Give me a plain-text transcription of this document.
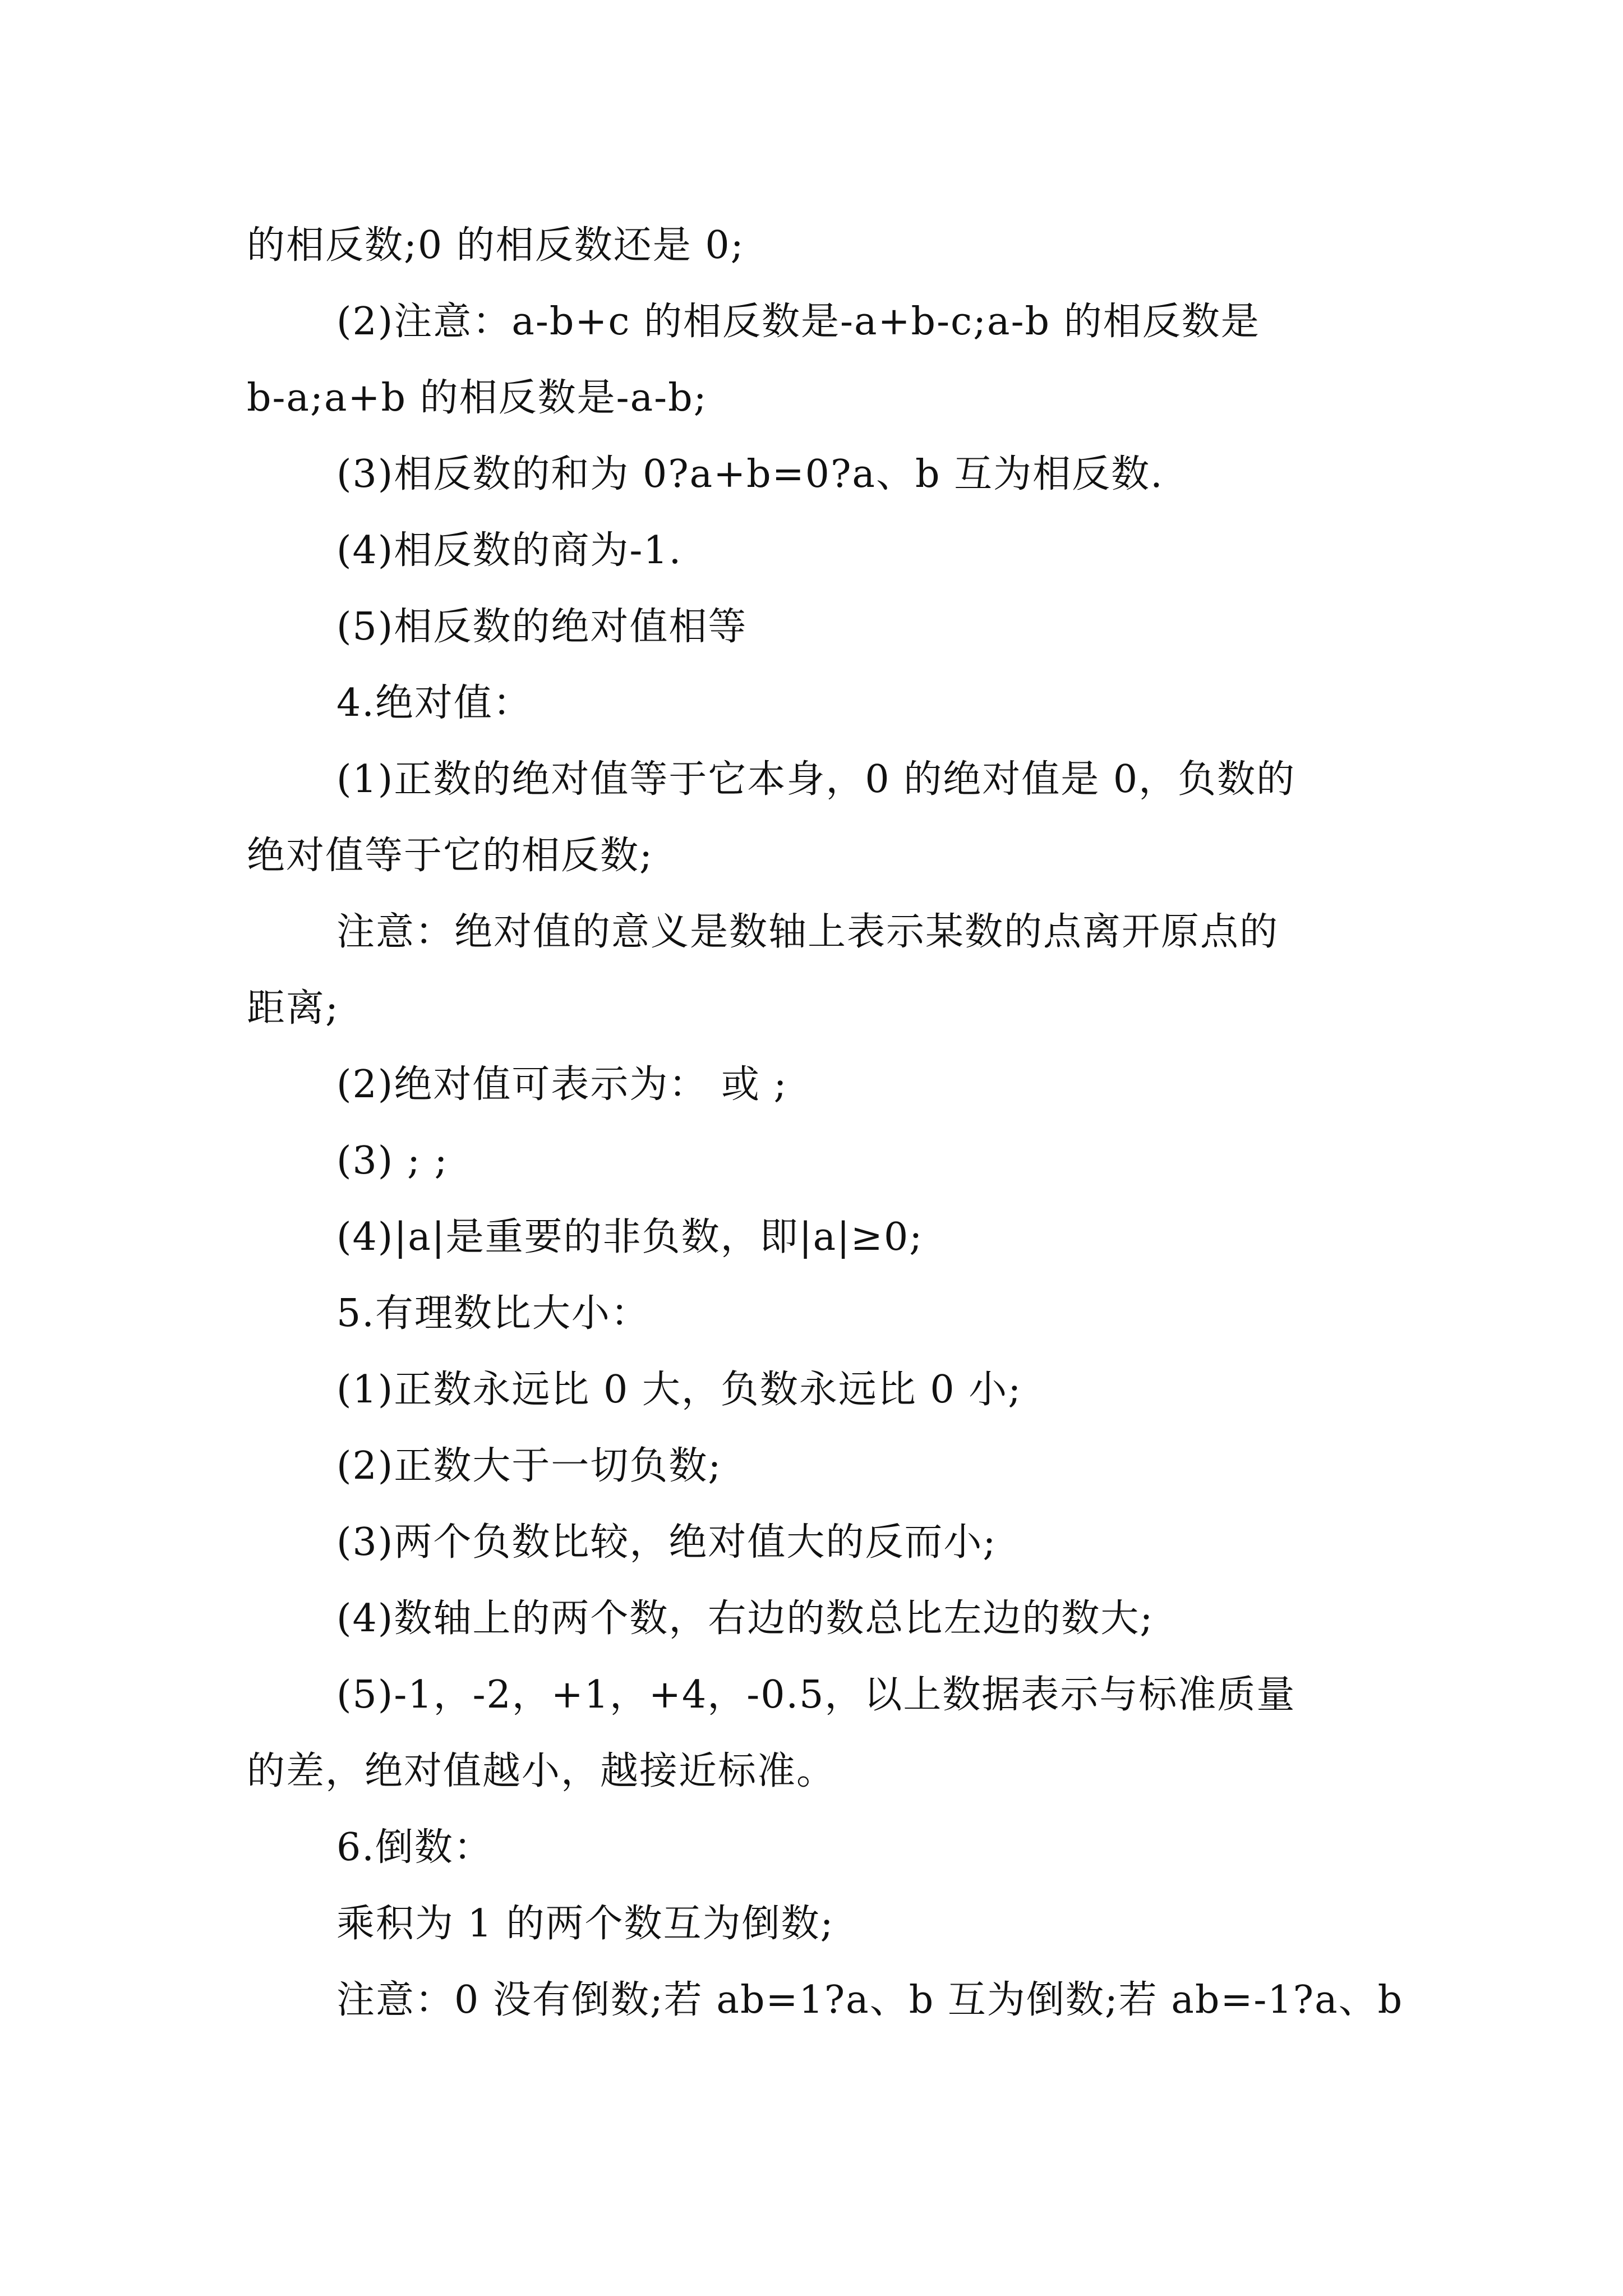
的相反数;0 的相反数还是 0;
(2)注意：a-b+c 的相反数是-a+b-c;a-b 的相反数是
b-a;a+b 的相反数是-a-b;
(3)相反数的和为 0?a+b=0?a、b 互为相反数.
(4)相反数的商为-1.
(5)相反数的绝对值相等
4.绝对值：
(1)正数的绝对值等于它本身，0 的绝对值是 0，负数的
绝对值等于它的相反数;
注意：绝对值的意义是数轴上表示某数的点离开原点的
距离;
(2)绝对值可表示为： 或 ;
(3) ; ;
(4)|a|是重要的非负数，即|a|≥0;
5.有理数比大小：
(1)正数永远比 0 大，负数永远比 0 小;
(2)正数大于一切负数;
(3)两个负数比较，绝对值大的反而小;
(4)数轴上的两个数，右边的数总比左边的数大;
(5)-1，-2，+1，+4，-0.5，以上数据表示与标准质量
的差，绝对值越小，越接近标准。
6.倒数：
乘积为 1 的两个数互为倒数;
注意：0 没有倒数;若 ab=1?a、b 互为倒数;若 ab=-1?a、b
